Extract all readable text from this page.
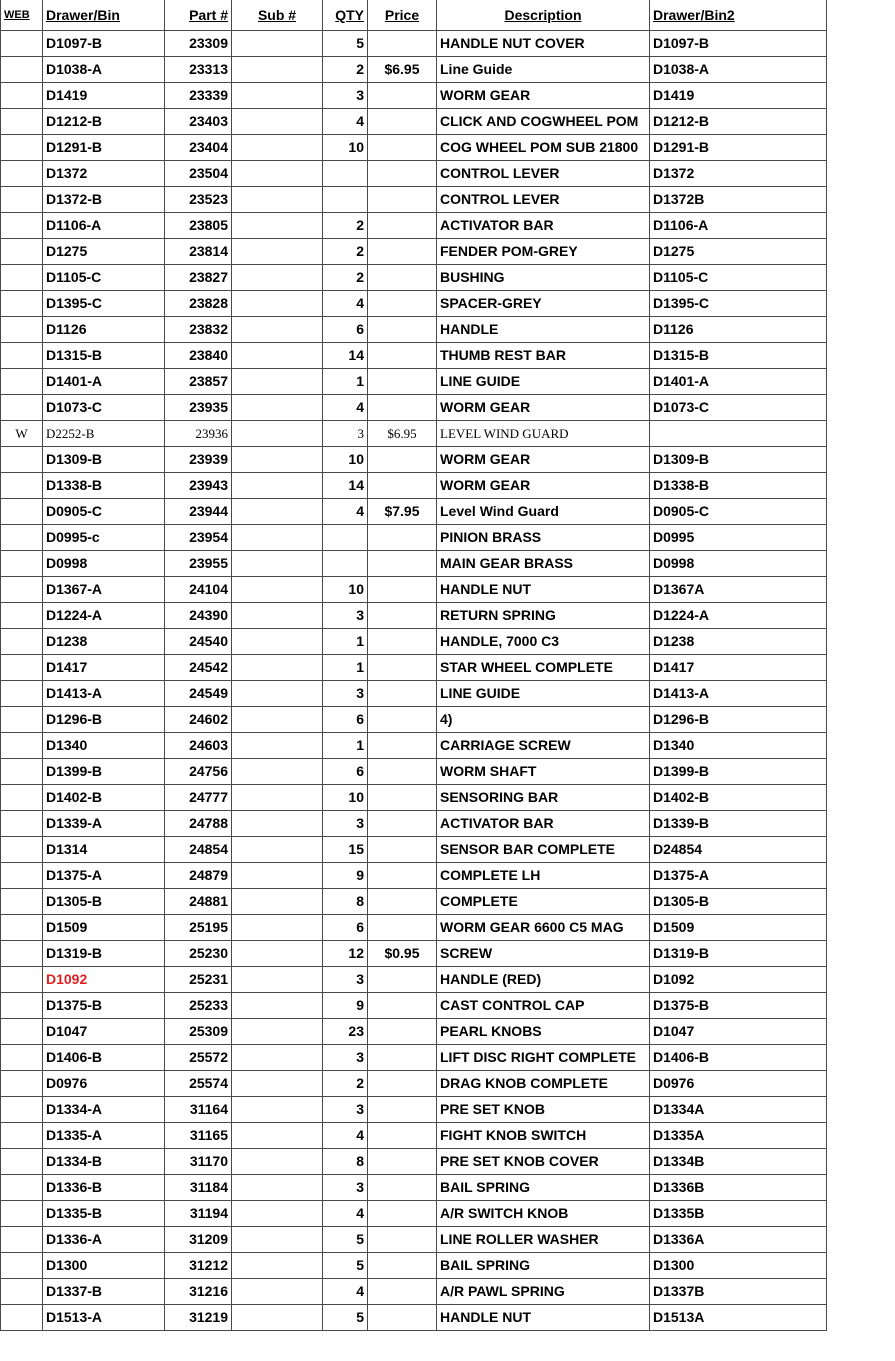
WEB	Drawer/Bin	Part #	Sub #	QTY	Price	Description	Drawer/Bin2
	D1097-B	23309		5		HANDLE NUT COVER	D1097-B
	D1038-A	23313		2	$6.95	Line Guide	D1038-A
	D1419	23339		3		WORM GEAR	D1419
	D1212-B	23403		4		CLICK AND COGWHEEL POM	D1212-B
	D1291-B	23404		10		COG WHEEL POM SUB 21800	D1291-B
	D1372	23504				CONTROL LEVER	D1372
	D1372-B	23523				CONTROL LEVER	D1372B
	D1106-A	23805		2		ACTIVATOR BAR	D1106-A
	D1275	23814		2		FENDER POM-GREY	D1275
	D1105-C	23827		2		BUSHING	D1105-C
	D1395-C	23828		4		SPACER-GREY	D1395-C
	D1126	23832		6		HANDLE	D1126
	D1315-B	23840		14		THUMB REST BAR	D1315-B
	D1401-A	23857		1		LINE GUIDE	D1401-A
	D1073-C	23935		4		WORM GEAR	D1073-C
W	D2252-B	23936		3	$6.95	LEVEL WIND GUARD	
	D1309-B	23939		10		WORM GEAR	D1309-B
	D1338-B	23943		14		WORM GEAR	D1338-B
	D0905-C	23944		4	$7.95	Level Wind Guard	D0905-C
	D0995-c	23954				PINION BRASS	D0995
	D0998	23955				MAIN GEAR BRASS	D0998
	D1367-A	24104		10		HANDLE NUT	D1367A
	D1224-A	24390		3		RETURN SPRING	D1224-A
	D1238	24540		1		HANDLE, 7000 C3	D1238
	D1417	24542		1		STAR WHEEL COMPLETE	D1417
	D1413-A	24549		3		LINE GUIDE	D1413-A
	D1296-B	24602		6		4)	D1296-B
	D1340	24603		1		CARRIAGE SCREW	D1340
	D1399-B	24756		6		WORM SHAFT	D1399-B
	D1402-B	24777		10		SENSORING BAR	D1402-B
	D1339-A	24788		3		ACTIVATOR BAR	D1339-B
	D1314	24854		15		SENSOR BAR COMPLETE	D24854
	D1375-A	24879		9		COMPLETE LH	D1375-A
	D1305-B	24881		8		COMPLETE	D1305-B
	D1509	25195		6		WORM GEAR 6600 C5 MAG	D1509
	D1319-B	25230		12	$0.95	SCREW	D1319-B
	D1092	25231		3		HANDLE (RED)	D1092
	D1375-B	25233		9		CAST CONTROL CAP	D1375-B
	D1047	25309		23		PEARL KNOBS	D1047
	D1406-B	25572		3		LIFT DISC RIGHT COMPLETE	D1406-B
	D0976	25574		2		DRAG KNOB COMPLETE	D0976
	D1334-A	31164		3		PRE SET KNOB	D1334A
	D1335-A	31165		4		FIGHT KNOB SWITCH	D1335A
	D1334-B	31170		8		PRE SET KNOB COVER	D1334B
	D1336-B	31184		3		BAIL SPRING	D1336B
	D1335-B	31194		4		A/R SWITCH KNOB	D1335B
	D1336-A	31209		5		LINE ROLLER WASHER	D1336A
	D1300	31212		5		BAIL SPRING	D1300
	D1337-B	31216		4		A/R PAWL SPRING	D1337B
	D1513-A	31219		5		HANDLE NUT	D1513A
